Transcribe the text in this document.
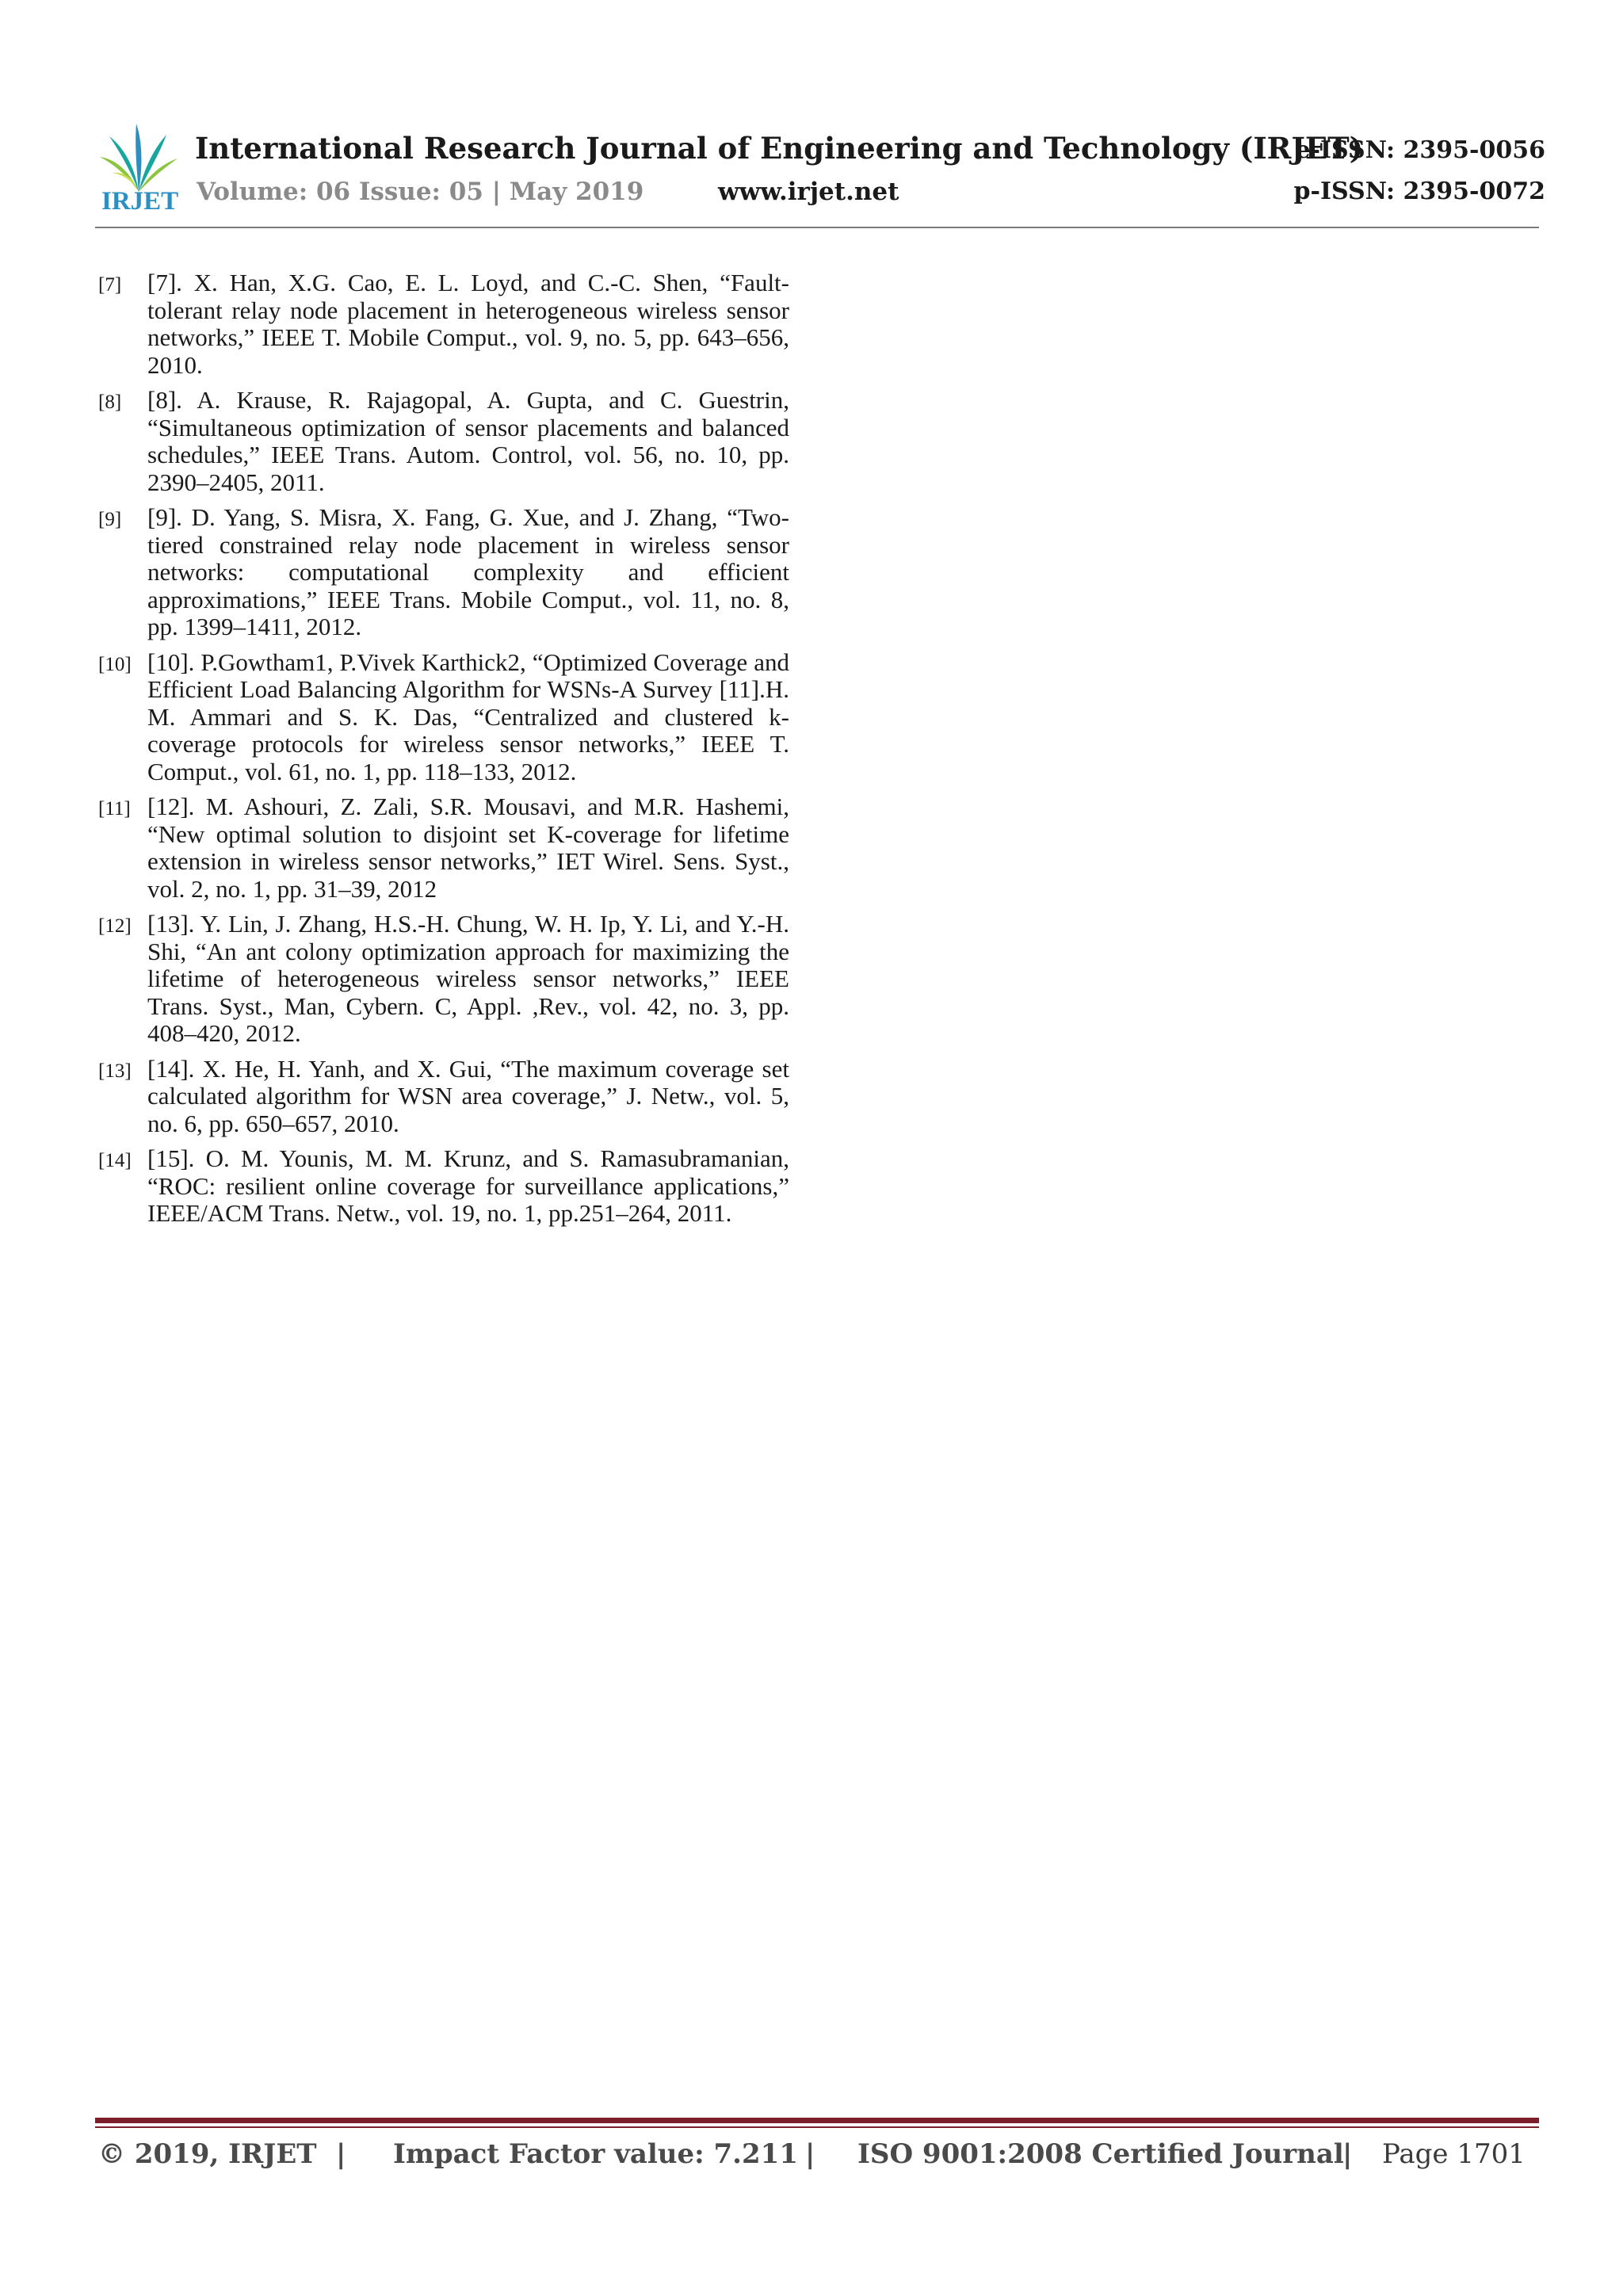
IRJET
International Research Journal of Engineering and Technology (IRJET)
e-ISSN: 2395-0056
Volume: 06 Issue: 05 | May 2019	www.irjet.net	p-ISSN: 2395-0072
[7] [7]. X. Han, X.G. Cao, E. L. Loyd, and C.-C. Shen, “Fault-tolerant relay node placement in heterogeneous wireless sensor networks,” IEEE T. Mobile Comput., vol. 9, no. 5, pp. 643–656, 2010.
[8] [8]. A. Krause, R. Rajagopal, A. Gupta, and C. Guestrin, “Simultaneous optimization of sensor placements and balanced schedules,” IEEE Trans. Autom. Control, vol. 56, no. 10, pp. 2390–2405, 2011.
[9] [9]. D. Yang, S. Misra, X. Fang, G. Xue, and J. Zhang, “Two-tiered constrained relay node placement in wireless sensor networks: computational complexity and efficient approximations,” IEEE Trans. Mobile Comput., vol. 11, no. 8, pp. 1399–1411, 2012.
[10] [10]. P.Gowtham1, P.Vivek Karthick2, “Optimized Coverage and Efficient Load Balancing Algorithm for WSNs-A Survey [11].H. M. Ammari and S. K. Das, “Centralized and clustered k-coverage protocols for wireless sensor networks,” IEEE T. Comput., vol. 61, no. 1, pp. 118–133, 2012.
[11] [12]. M. Ashouri, Z. Zali, S.R. Mousavi, and M.R. Hashemi, “New optimal solution to disjoint set K-coverage for lifetime extension in wireless sensor networks,” IET Wirel. Sens. Syst., vol. 2, no. 1, pp. 31–39, 2012
[12] [13]. Y. Lin, J. Zhang, H.S.-H. Chung, W. H. Ip, Y. Li, and Y.-H. Shi, “An ant colony optimization approach for maximizing the lifetime of heterogeneous wireless sensor networks,” IEEE Trans. Syst., Man, Cybern. C, Appl. ,Rev., vol. 42, no. 3, pp. 408–420, 2012.
[13] [14]. X. He, H. Yanh, and X. Gui, “The maximum coverage set calculated algorithm for WSN area coverage,” J. Netw., vol. 5, no. 6, pp. 650–657, 2010.
[14] [15]. O. M. Younis, M. M. Krunz, and S. Ramasubramanian, “ROC: resilient online coverage for surveillance applications,” IEEE/ACM Trans. Netw., vol. 19, no. 1, pp.251–264, 2011.
© 2019, IRJET | Impact Factor value: 7.211 | ISO 9001:2008 Certified Journal
| Page 1701
